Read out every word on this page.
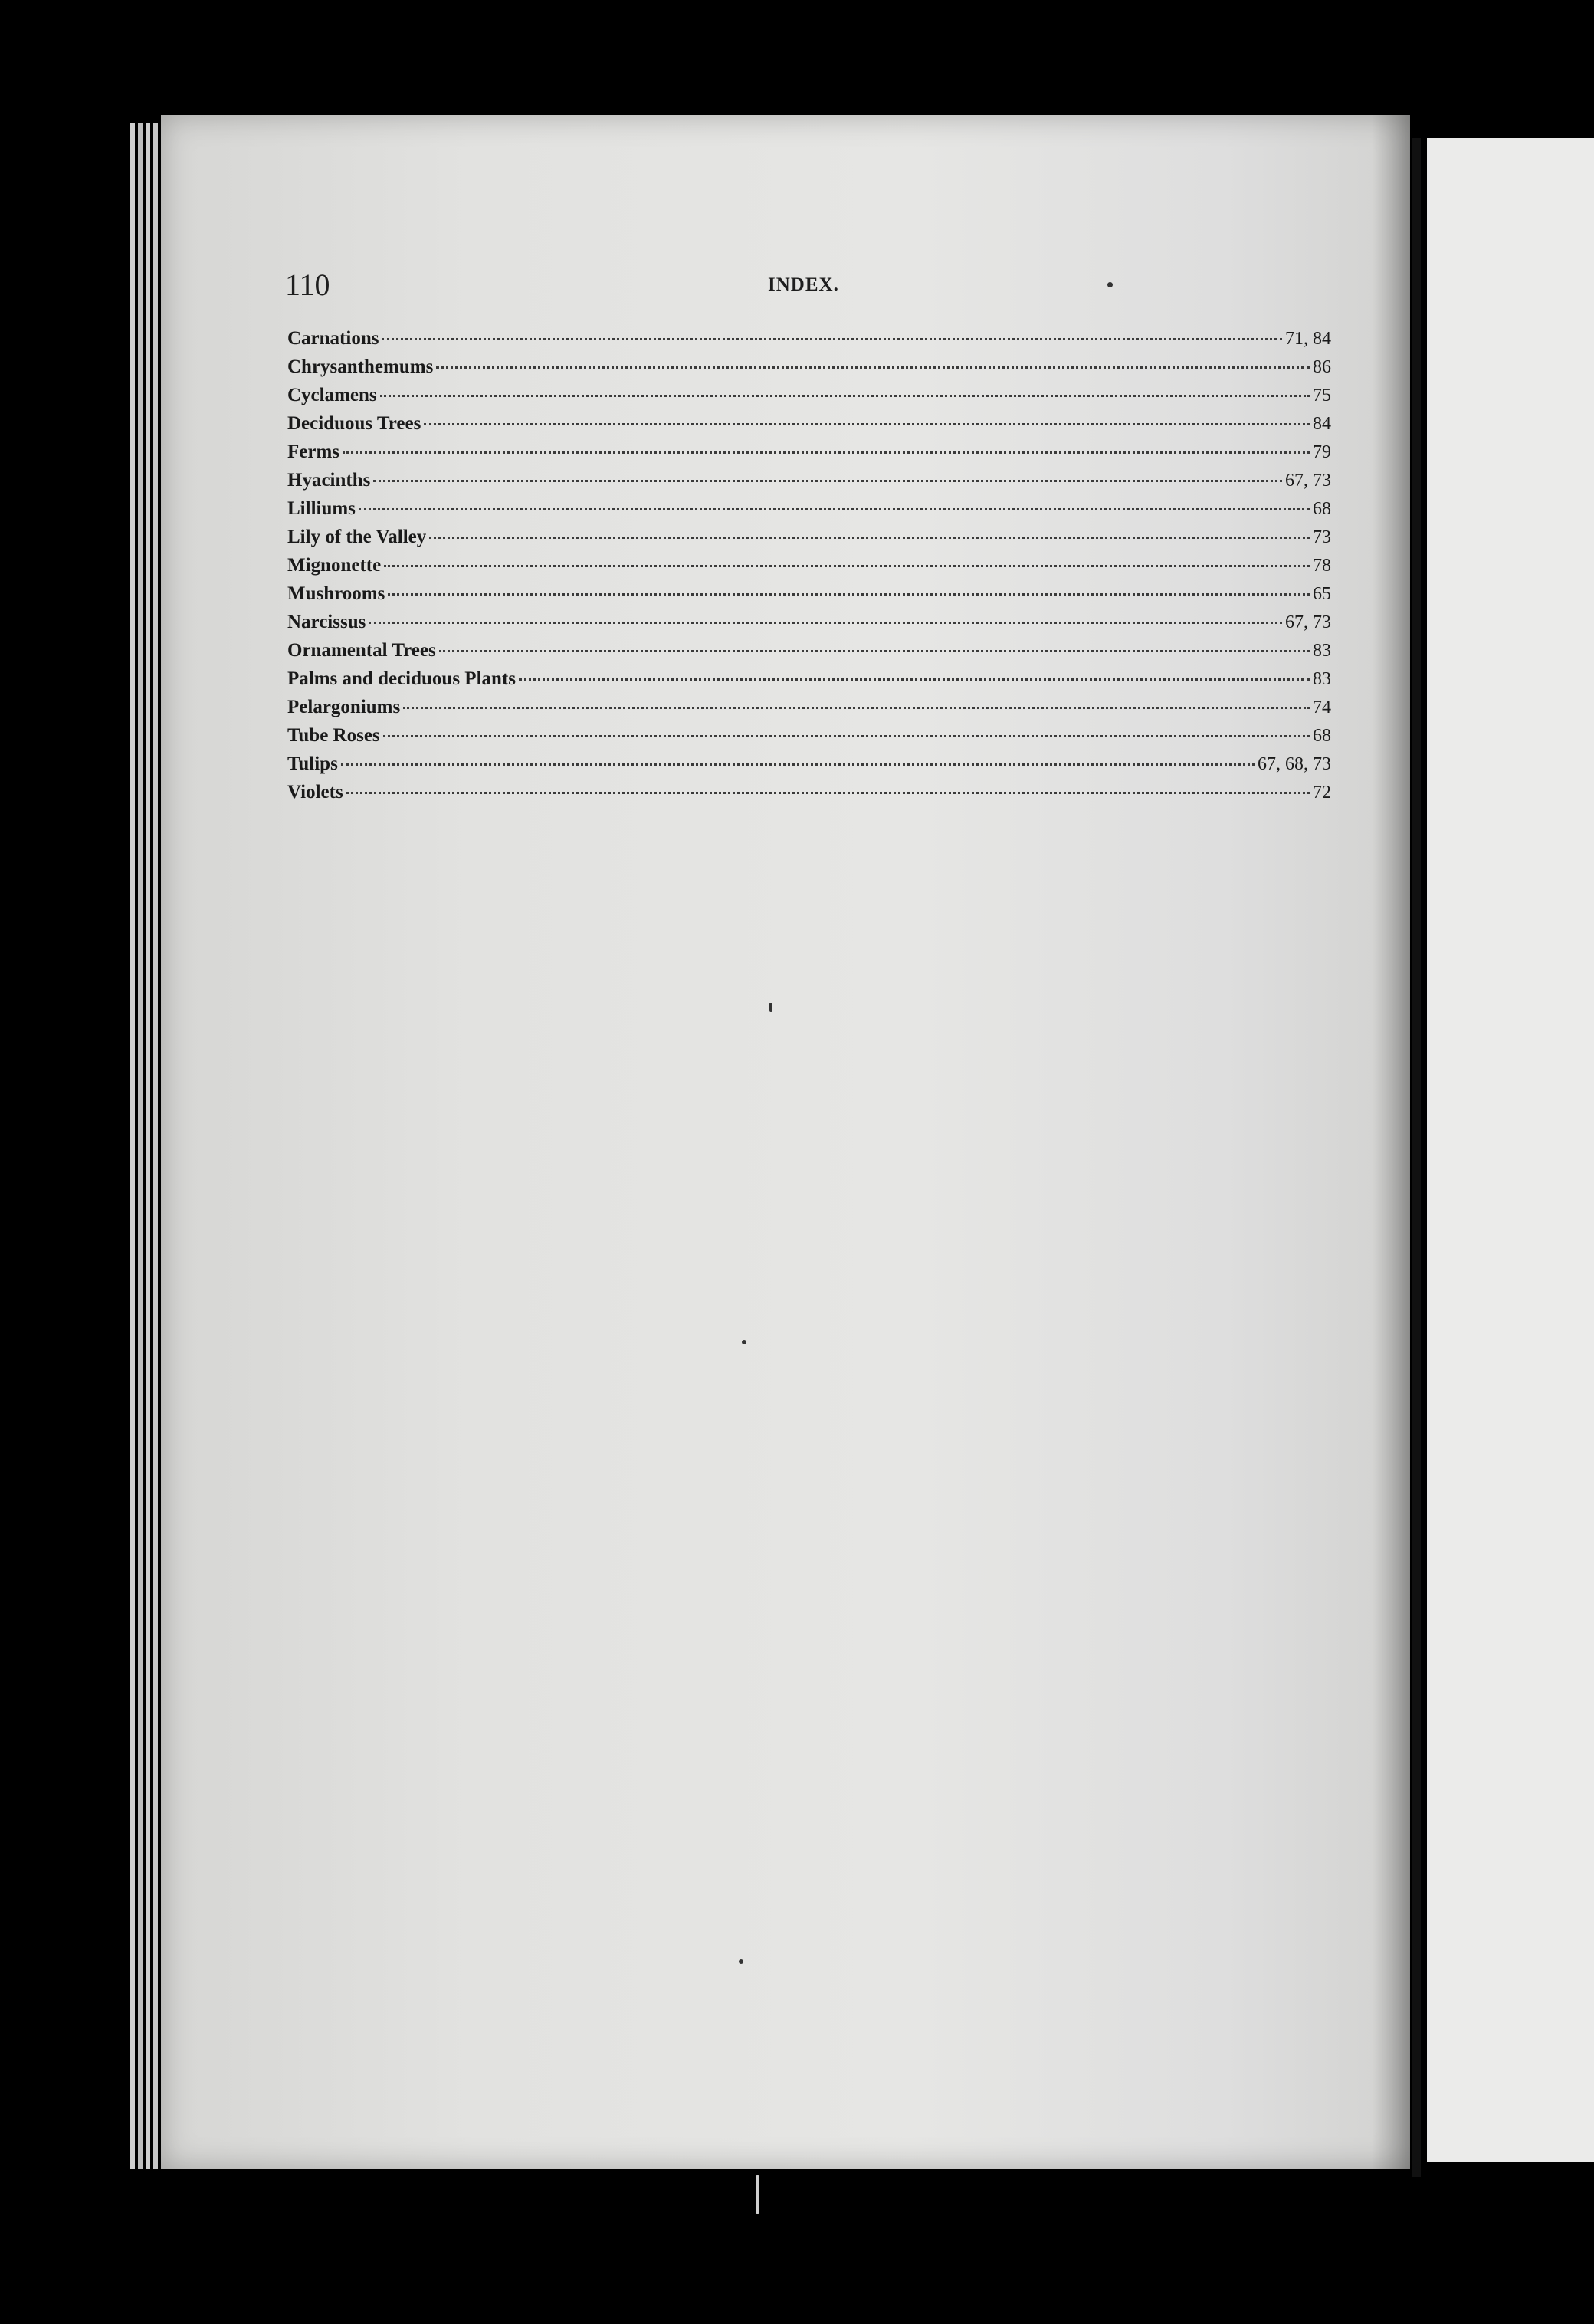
110	INDEX.
Carnations	71, 84
Chrysanthemums	86
Cyclamens	75
Deciduous Trees	84
Ferms	79
Hyacinths	67, 73
Lilliums	68
Lily of the Valley	73
Mignonette	78
Mushrooms	65
Narcissus	67, 73
Ornamental Trees	83
Palms and deciduous Plants	83
Pelargoniums	74
Tube Roses	68
Tulips	67, 68, 73
Violets	72
